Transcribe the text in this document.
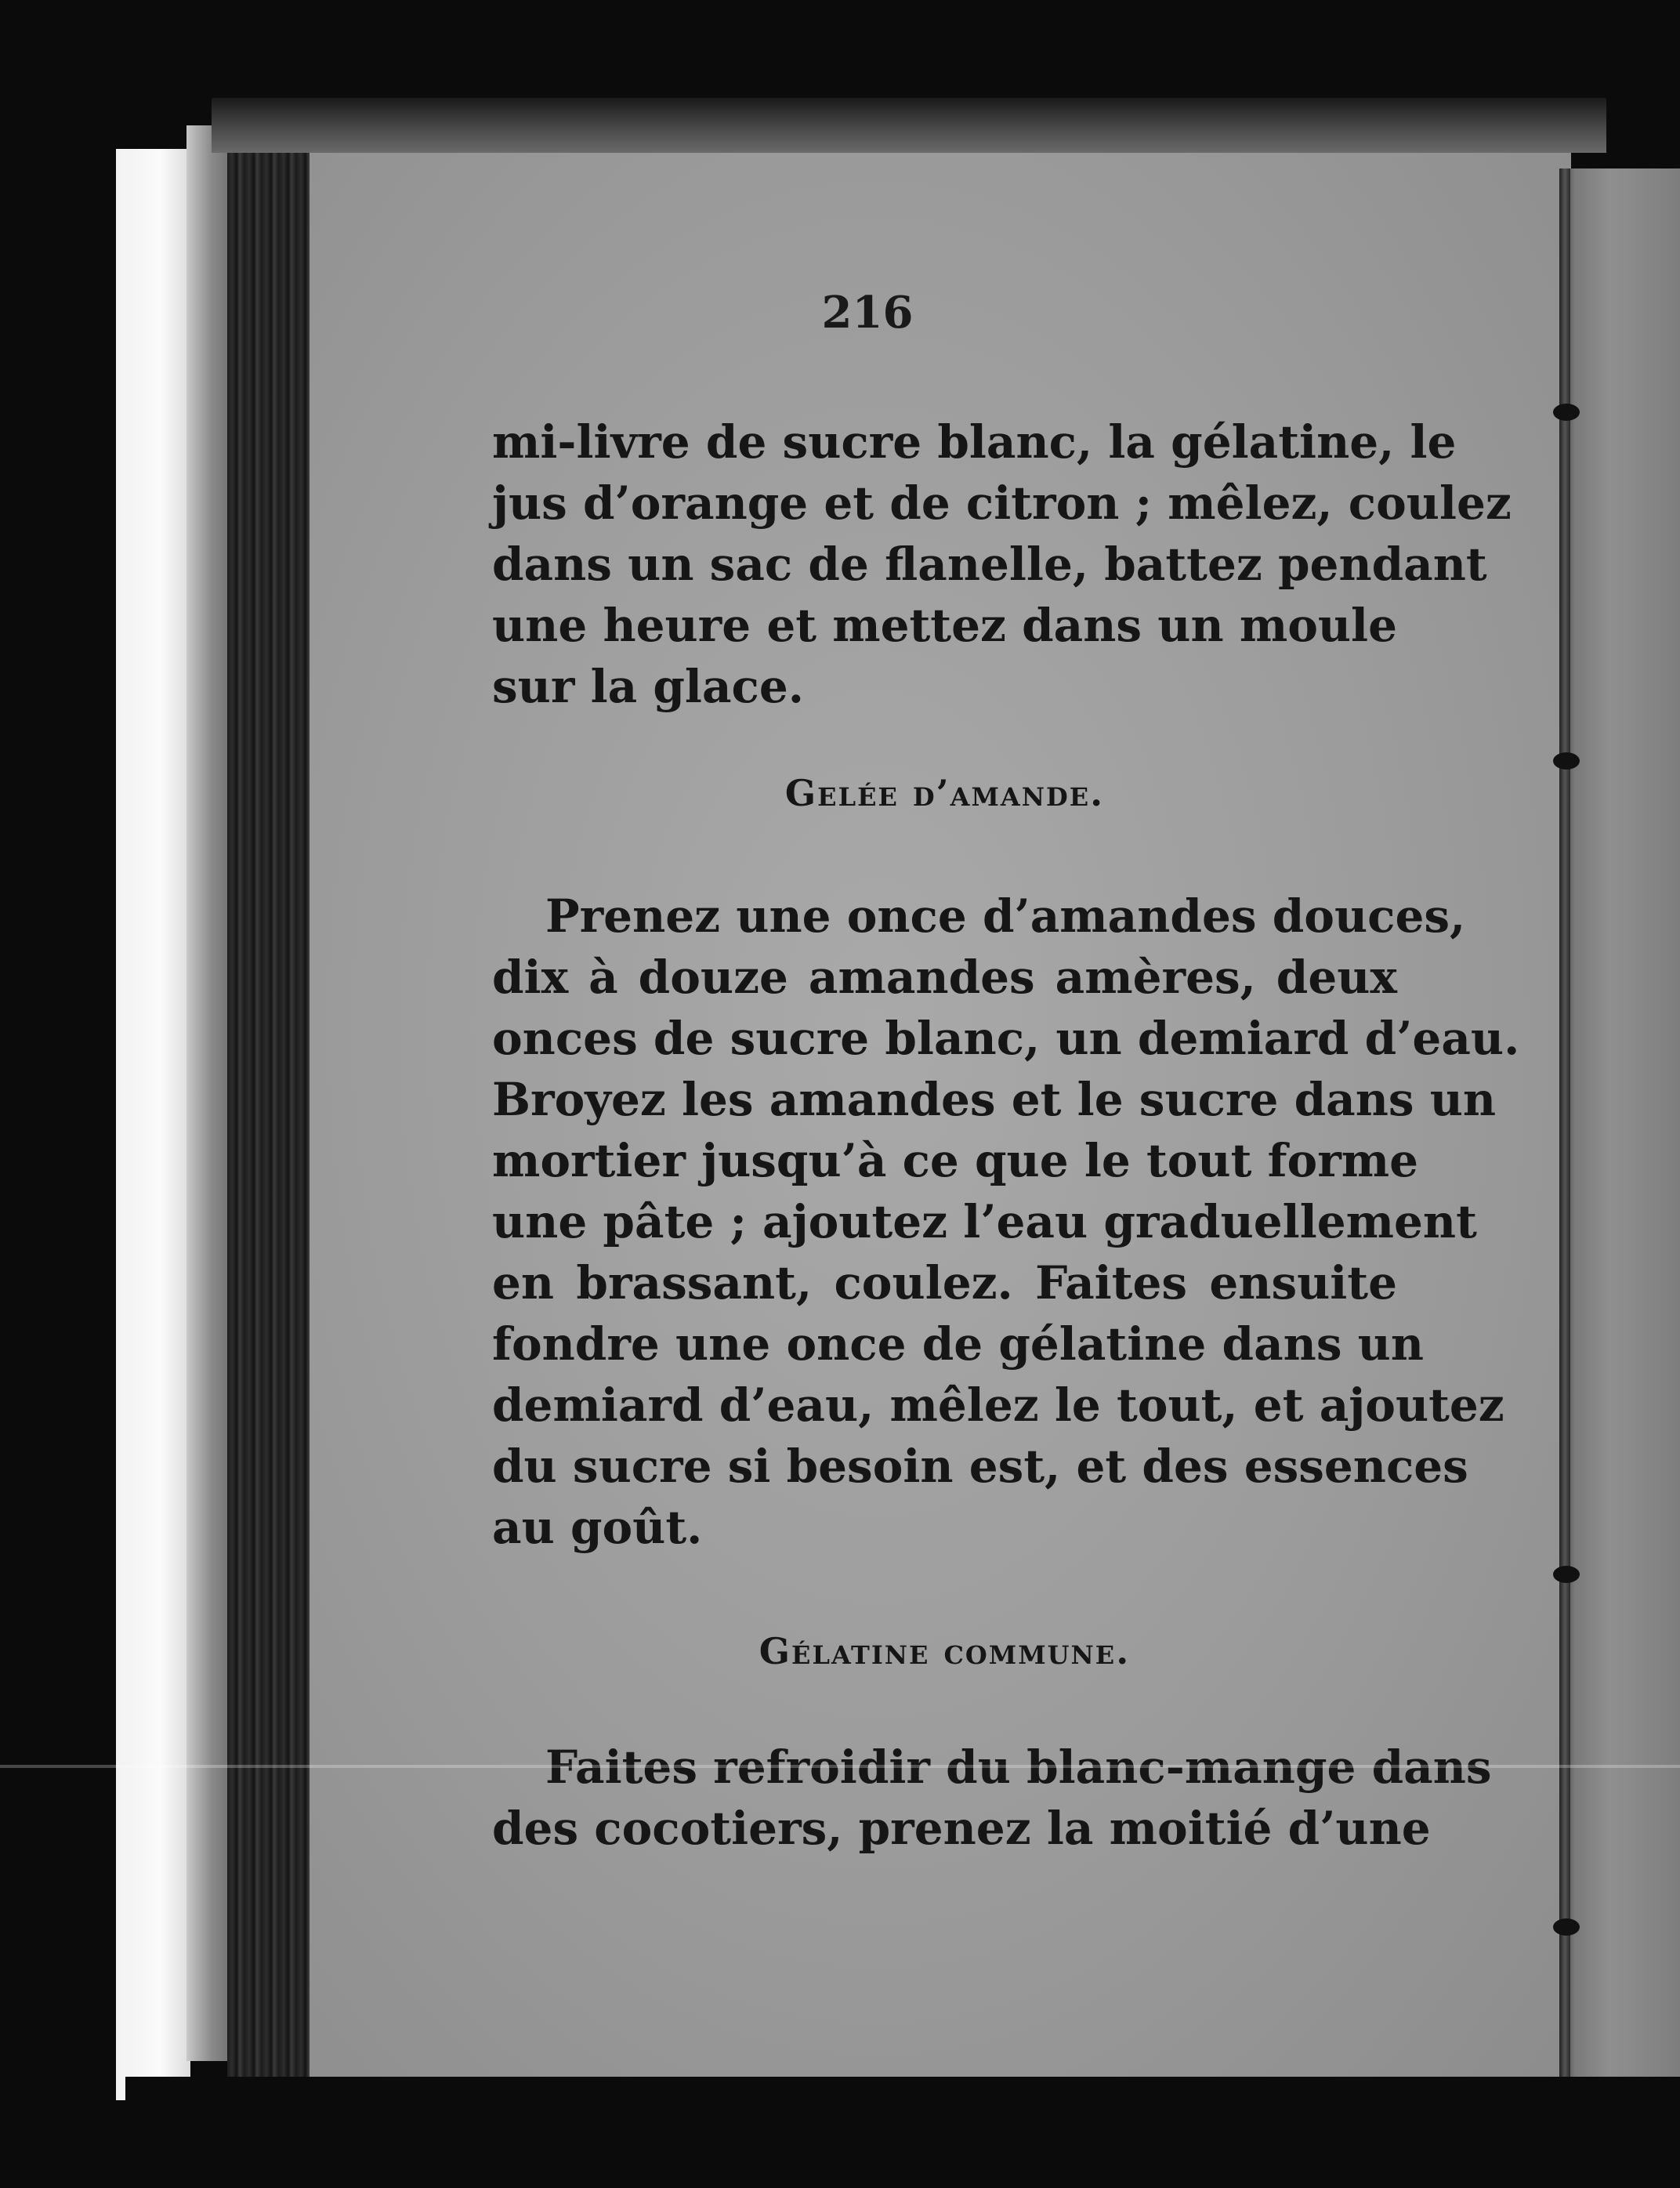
216
mi-livre de sucre blanc, la gélatine, le
jus d’orange et de citron ; mêlez, coulez
dans un sac de flanelle, battez pendant
une heure et mettez dans un moule
sur la glace.
Gelée d’amande.
Prenez une once d’amandes douces,
dix à douze amandes amères, deux
onces de sucre blanc, un demiard d’eau.
Broyez les amandes et le sucre dans un
mortier jusqu’à ce que le tout forme
une pâte ; ajoutez l’eau graduellement
en brassant, coulez. Faites ensuite
fondre une once de gélatine dans un
demiard d’eau, mêlez le tout, et ajoutez
du sucre si besoin est, et des essences
au goût.
Gélatine commune.
Faites refroidir du blanc-mange dans
des cocotiers, prenez la moitié d’une
